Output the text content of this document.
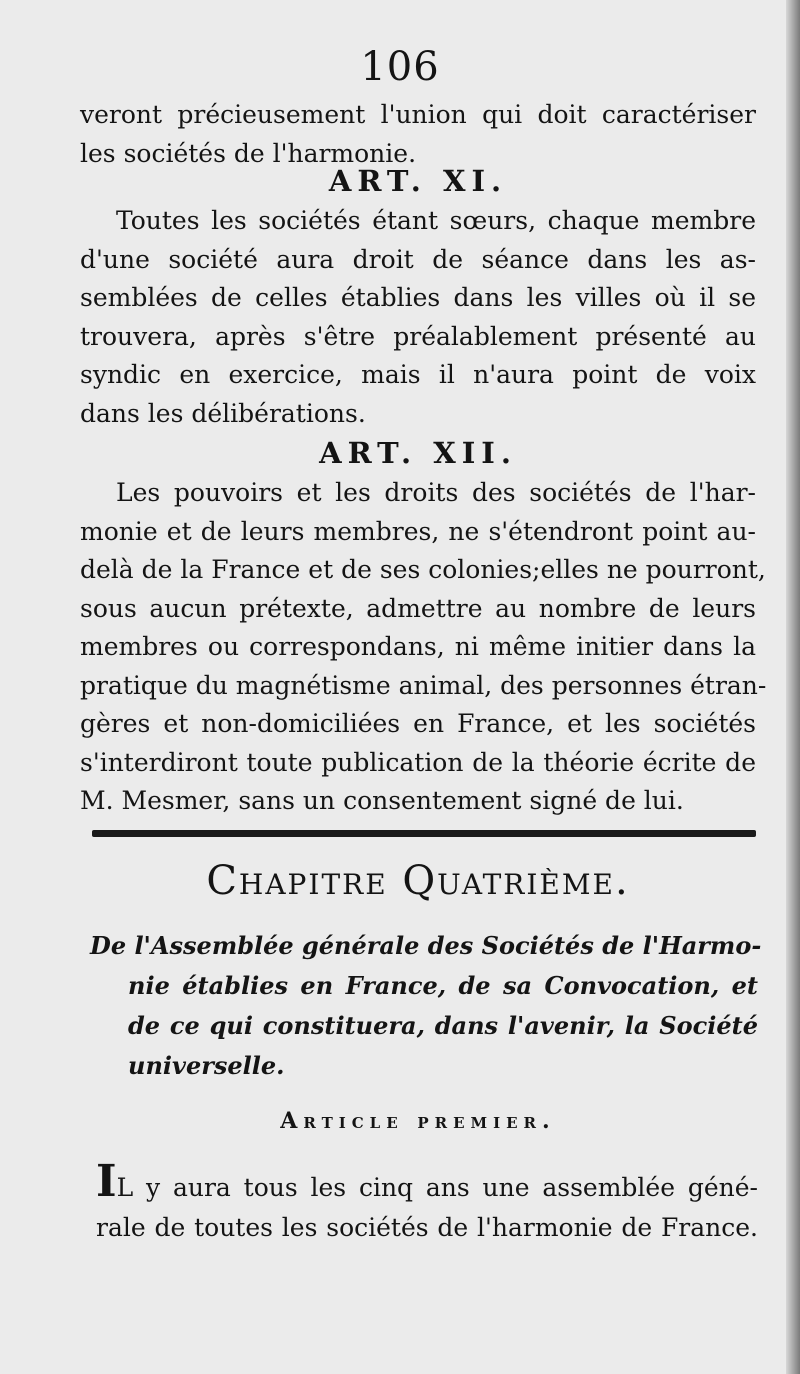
106
veront précieusement l'union qui doit caractériser
les sociétés de l'harmonie.
ART. XI.
Toutes les sociétés étant sœurs, chaque membre
d'une société aura droit de séance dans les as-
semblées de celles établies dans les villes où il se
trouvera, après s'être préalablement présenté au
syndic en exercice, mais il n'aura point de voix
dans les délibérations.
ART. XII.
Les pouvoirs et les droits des sociétés de l'har-
monie et de leurs membres, ne s'étendront point au-
delà de la France et de ses colonies;elles ne pourront,
sous aucun prétexte, admettre au nombre de leurs
membres ou correspondans, ni même initier dans la
pratique du magnétisme animal, des personnes étran-
gères et non-domiciliées en France, et les sociétés
s'interdiront toute publication de la théorie écrite de
M. Mesmer, sans un consentement signé de lui.
Chapitre Quatrième.
De l'Assemblée générale des Sociétés de l'Harmo-
nie établies en France, de sa Convocation, et
de ce qui constituera, dans l'avenir, la Société
universelle.
Article premier.
IL y aura tous les cinq ans une assemblée géné-
rale de toutes les sociétés de l'harmonie de France.
